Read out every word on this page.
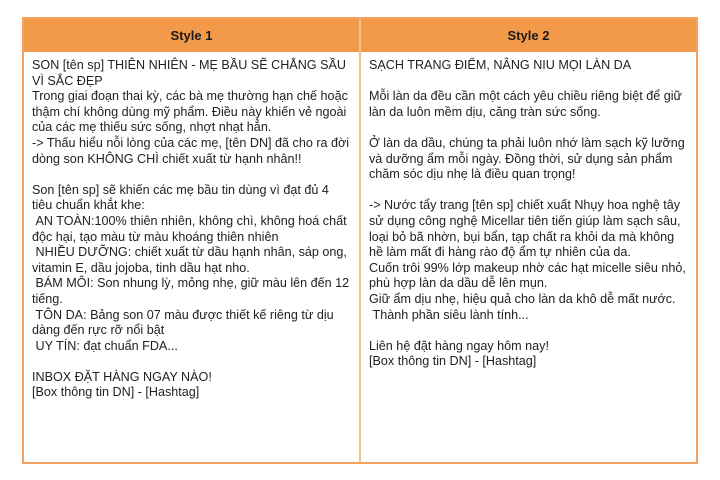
Style 1	Style 2
SON [tên sp] THIÊN NHIÊN - MẸ BẦU SẼ CHẲNG SẦU VÌ SẮC ĐẸP
Trong giai đoạn thai kỳ, các bà mẹ thường hạn chế hoặc thậm chí không dùng mỹ phẩm. Điều này khiến vẻ ngoài của các mẹ thiếu sức sống, nhợt nhạt hẳn.
-> Thấu hiểu nỗi lòng của các mẹ, [tên DN] đã cho ra đời dòng son KHÔNG CHÌ chiết xuất từ hạnh nhân!!

Son [tên sp] sẽ khiến các mẹ bầu tin dùng vì đạt đủ 4 tiêu chuẩn khắt khe:
AN TOÀN:100% thiên nhiên, không chì, không hoá chất độc hại, tạo màu từ màu khoáng thiên nhiên
NHIỀU DƯỠNG: chiết xuất từ dầu hạnh nhân, sáp ong, vitamin E, dầu jojoba, tinh dầu hạt nho.
BÁM MÔI: Son nhung lỳ, mỏng nhẹ, giữ màu lên đến 12 tiếng.
TÔN DA: Bảng son 07 màu được thiết kế riêng từ dịu dàng đến rực rỡ nổi bật
UY TÍN: đạt chuẩn FDA...

INBOX ĐẶT HÀNG NGAY NÀO!
[Box thông tin DN] - [Hashtag]
SẠCH TRANG ĐIỂM, NÂNG NIU MỌI LÀN DA

Mỗi làn da đều cần một cách yêu chiều riêng biệt để giữ làn da luôn mềm dịu, căng tràn sức sống.

Ở làn da dầu, chúng ta phải luôn nhớ làm sạch kỹ lưỡng và dưỡng ẩm mỗi ngày. Đồng thời, sử dụng sản phẩm chăm sóc dịu nhẹ là điều quan trọng!

-> Nước tẩy trang [tên sp] chiết xuất Nhụy hoa nghệ tây sử dụng công nghệ Micellar tiên tiến giúp làm sạch sâu, loại bỏ bã nhờn, bụi bẩn, tạp chất ra khỏi da mà không hề làm mất đi hàng rào độ ẩm tự nhiên của da.
Cuốn trôi 99% lớp makeup nhờ các hạt micelle siêu nhỏ, phù hợp làn da dầu dễ lên mụn.
Giữ ẩm dịu nhẹ, hiệu quả cho làn da khô dễ mất nước.
Thành phần siêu lành tính...

Liên hệ đặt hàng ngay hôm nay!
[Box thông tin DN] - [Hashtag]
